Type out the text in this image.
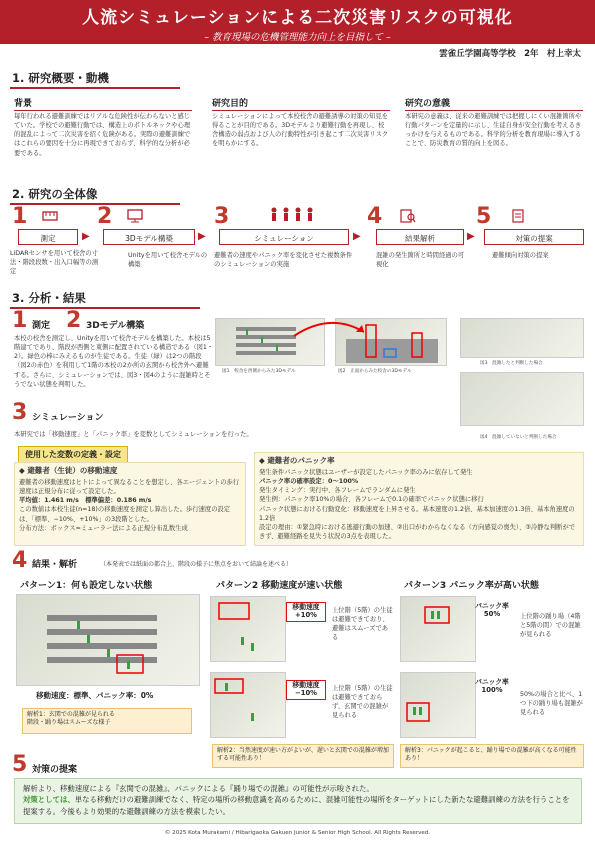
人流シミュレーションによる二次災害リスクの可視化
– 教育現場の危機管理能力向上を目指して –
雲雀丘学園高等学校　2年　村上幸太
1. 研究概要・動機
背景
毎年行われる避難訓練ではリアルな危険性が伝わらないと感じていた。学校での避難行動では、構造上のボトルネックや心理的混乱によって二次災害を招く危険がある。実際の避難訓練ではこれらの要因を十分に再現できておらず、科学的な分析が必要である。
研究目的
シミュレーションによって本校校舎の避難誘導の対策の知見を得ることが目的である。3Dモデルより避難行動を再現し、校舎構造の弱点および人の行動特性が引き起こす二次災害リスクを明らかにする。
研究の意義
本研究の意義は、従来の避難訓練では把握しにくい混雑箇所や行動パターンを定量的に示し、生徒自身が安全行動を考えるきっかけを与えるものである。科学的分析を教育現場に導入することで、防災教育の質的向上を図る。
2. 研究の全体像
1
測定
LiDARセンサを用いて校舎の寸法・階段段数・出入口幅等の測定
▶
2
3Dモデル構築
Unityを用いて校舎モデルの構築
▶
3
シミュレーション
避難者の速度やパニック率を変化させた複数条件のシミュレーションの実施
▶
4
結果解析
混雑の発生箇所と時間経過の可視化
▶
5
対策の提案
避難傾向対策の提案
3. 分析・結果
1 測定 2 3Dモデル構築
本校の校舎を測定し、Unityを用いて校舎モデルを構築した。本校は5階建てであり、階段が西側と東側に配置されている構造である（図1・2）。緑色の棒にみえるものが生徒である。生徒（緑）は2つの階段（図2の赤色）を利用して1階の本校の2か所の玄関から校舎外へ避難する。さらに、シミュレーションでは、図3・図4のように混雑時とそうでない状態を判明した。
図1　校舎を西側からみた3Dモデル	図2　正面からみた校舎の3Dモデル
図3　混雑したと判断した場合
図4　混雑していないと判断した場合
3 シミュレーション
本研究では「移動速度」と「パニック率」を変数としてシミュレーションを行った。
使用した変数の定義・設定
◆ 避難者（生徒）の移動速度
避難者の移動速度はヒトによって異なることを想定し、各エージェントの歩行速度は正規分布に従って設定した。
平均値：1.461 m/s　標準偏差：0.186 m/s
この数値は本校生徒(n=18)の移動速度を測定し算出した。歩行速度の設定は、「標準、−10%、+10%」の3段階とした。
分布方法：ボックス=ミューラー法による正規分布乱数生成
◆ 避難者のパニック率
発生条件パニック状態はユーザーが設定したパニック率のみに依存して発生
パニック率の確率設定：0〜100%
発生タイミング：実行中、各フレームでランダムに発生
発生例：パニック率10%の場合、各フレームで0.1の確率でパニック状態に移行
パニック状態における行動変化：移動速度を上昇させる。基本速度の1.2倍、基本加速度の1.3倍、基本角速度の1.2倍
設定の理由：①緊急時における逃避行動の加速、②出口がわからなくなる（方向感覚の喪失）、③冷静な判断ができず、避難経路を見失う状況の3点を表現した。
4 結果・解析	（本発表では紙面の都合上、階段の様子に焦点をおいて結論を述べる）
パターン1：何も設定しない状態
移動速度：標準、パニック率：0%
解析1：玄関での混雑が見られる
階段・踊り場はスムーズな様子
パターン2 移動速度が速い状態
移動速度
+10%
上位階（5階）の生徒は避難できており、避難はスムーズである
移動速度
−10%
上位階（5階）の生徒は避難できておらず、玄関での混雑が見られる
解析2：当然速度が速い方がよいが、遅いと玄関での混雑が増加する可能性あり！
パターン3 パニック率が高い状態
パニック率
50%	上位階の踊り場（4階と5階の間）での混雑が見られる
パニック率
100%
50%の場合と比べ、1つ下の踊り場も混雑が見られる
解析3：パニックが起こると、踊り場での混雑が高くなる可能性あり！
5 対策の提案
解析より、移動速度による『玄関での混雑』、パニックによる『踊り場での混雑』の可能性が示唆された。
対策としては、単なる移動だけの避難訓練でなく、特定の場所の移動意識を高めるために、混雑可能性の場所をターゲットにした新たな避難訓練の方法を行うことを提案する。今後もより効果的な避難訓練の方法を模索したい。
© 2025 Kota Murakami / Hibarigaoka Gakuen Junior & Senior High School. All Rights Reserved.
